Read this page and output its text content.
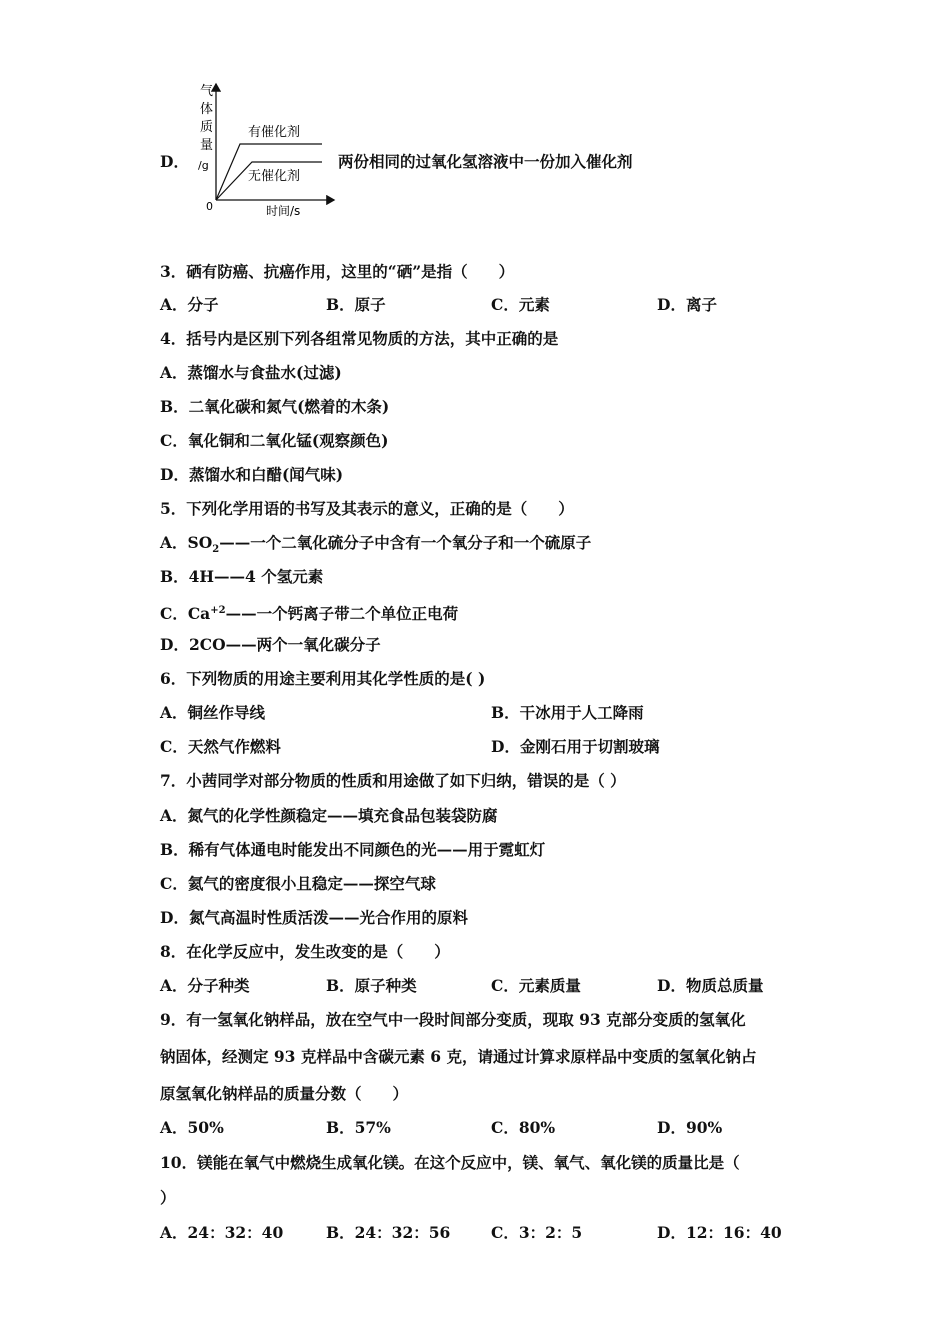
D．
气
体
质
量
/g
0	时间/s
有催化剂
无催化剂
两份相同的过氧化氢溶液中一份加入催化剂
3．硒有防癌、抗癌作用，这里的“硒”是指（　　）
A．分子	B．原子	C．元素	D．离子
4．括号内是区别下列各组常见物质的方法，其中正确的是
A．蒸馏水与食盐水(过滤)
B．二氧化碳和氮气(燃着的木条)
C．氧化铜和二氧化锰(观察颜色)
D．蒸馏水和白醋(闻气味)
5．下列化学用语的书写及其表示的意义，正确的是（　　）
A．$SO_2——$一个二氧化硫分子中含有一个氧分子和一个硫原子
B．4H——4 个氢元素
C．$Ca^{+2}——$一个钙离子带二个单位正电荷
D．2CO——两个一氧化碳分子
6．下列物质的用途主要利用其化学性质的是( )
A．铜丝作导线	B．干冰用于人工降雨
C．天然气作燃料	D．金刚石用于切割玻璃
7．小茜同学对部分物质的性质和用途做了如下归纳，错误的是（ ）
A．氮气的化学性颜稳定——填充食品包装袋防腐
B．稀有气体通电时能发出不同颜色的光——用于霓虹灯
C．氦气的密度很小且稳定——探空气球
D．氮气高温时性质活泼——光合作用的原料
8．在化学反应中，发生改变的是（　　）
A．分子种类	B．原子种类	C．元素质量	D．物质总质量
9．有一氢氧化钠样品，放在空气中一段时间部分变质，现取 93 克部分变质的氢氧化
钠固体，经测定 93 克样品中含碳元素 6 克，请通过计算求原样品中变质的氢氧化钠占
原氢氧化钠样品的质量分数（　　）
A．50%	B．57%	C．80%	D．90%
10．镁能在氧气中燃烧生成氧化镁。在这个反应中，镁、氧气、氧化镁的质量比是（
）
A．24：32：40	B．24：32：56	C．3：2：5	D．12：16：40
